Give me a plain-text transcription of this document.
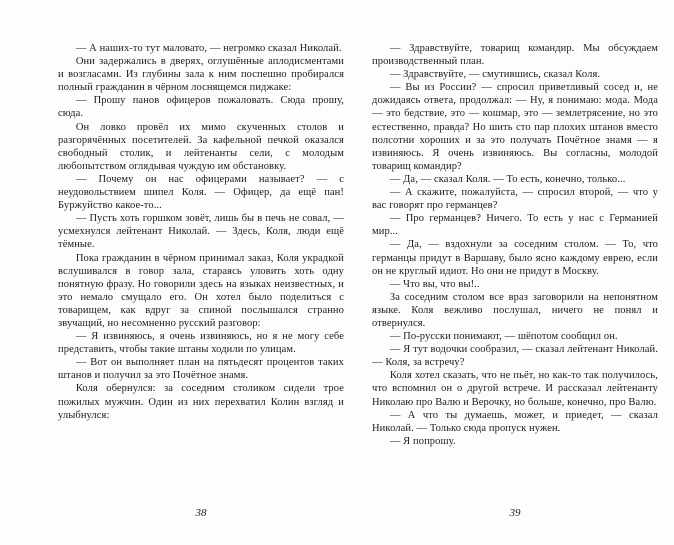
— А наших-то тут маловато, — негромко сказал Николай.

Они задержались в дверях, оглушённые аплодисментами и возгласами. Из глубины зала к ним поспешно пробирался полный гражданин в чёрном лоснящемся пиджаке:

— Прошу панов офицеров пожаловать. Сюда прошу, сюда.

Он ловко провёл их мимо скученных столов и разгорячённых посетителей. За кафельной печкой оказался свободный столик, и лейтенанты сели, с молодым любопытством оглядывая чуждую им обстановку.

— Почему он нас офицерами называет? — с неудовольствием шипел Коля. — Офицер, да ещё пан! Буржуйство какое-то...

— Пусть хоть горшком зовёт, лишь бы в печь не совал, — усмехнулся лейтенант Николай. — Здесь, Коля, люди ещё тёмные.

Пока гражданин в чёрном принимал заказ, Коля украдкой вслушивался в говор зала, стараясь уловить хоть одну понятную фразу. Но говорили здесь на языках неизвестных, и это немало смущало его. Он хотел было поделиться с товарищем, как вдруг за спиной послышался странно звучащий, но несомненно русский разговор:

— Я извиняюсь, я очень извиняюсь, но я не могу себе представить, чтобы такие штаны ходили по улицам.

— Вот он выполняет план на пятьдесят процентов таких штанов и получил за это Почётное знамя.

Коля обернулся: за соседним столиком сидели трое пожилых мужчин. Один из них перехватил Колин взгляд и улыбнулся:

38

— Здравствуйте, товарищ командир. Мы обсуждаем производственный план.

— Здравствуйте, — смутившись, сказал Коля.

— Вы из России? — спросил приветливый сосед и, не дожидаясь ответа, продолжал: — Ну, я понимаю: мода. Мода — это бедствие, это — кошмар, это — землетрясение, но это естественно, правда? Но шить сто пар плохих штанов вместо полсотни хороших и за это получать Почётное знамя — я извиняюсь. Я очень извиняюсь. Вы согласны, молодой товарищ командир?

— Да, — сказал Коля. — То есть, конечно, только...

— А скажите, пожалуйста, — спросил второй, — что у вас говорят про германцев?

— Про германцев? Ничего. То есть у нас с Германией мир...

— Да, — вздохнули за соседним столом. — То, что германцы придут в Варшаву, было ясно каждому еврею, если он не круглый идиот. Но они не придут в Москву.

— Что вы, что вы!..

За соседним столом все враз заговорили на непонятном языке. Коля вежливо послушал, ничего не понял и отвернулся.

— По-русски понимают, — шёпотом сообщил он.

— Я тут водочки сообразил, — сказал лейтенант Николай. — Коля, за встречу?

Коля хотел сказать, что не пьёт, но как-то так получилось, что вспомнил он о другой встрече. И рассказал лейтенанту Николаю про Валю и Верочку, но больше, конечно, про Валю.

— А что ты думаешь, может, и приедет, — сказал Николай. — Только сюда пропуск нужен.

— Я попрошу.

39
